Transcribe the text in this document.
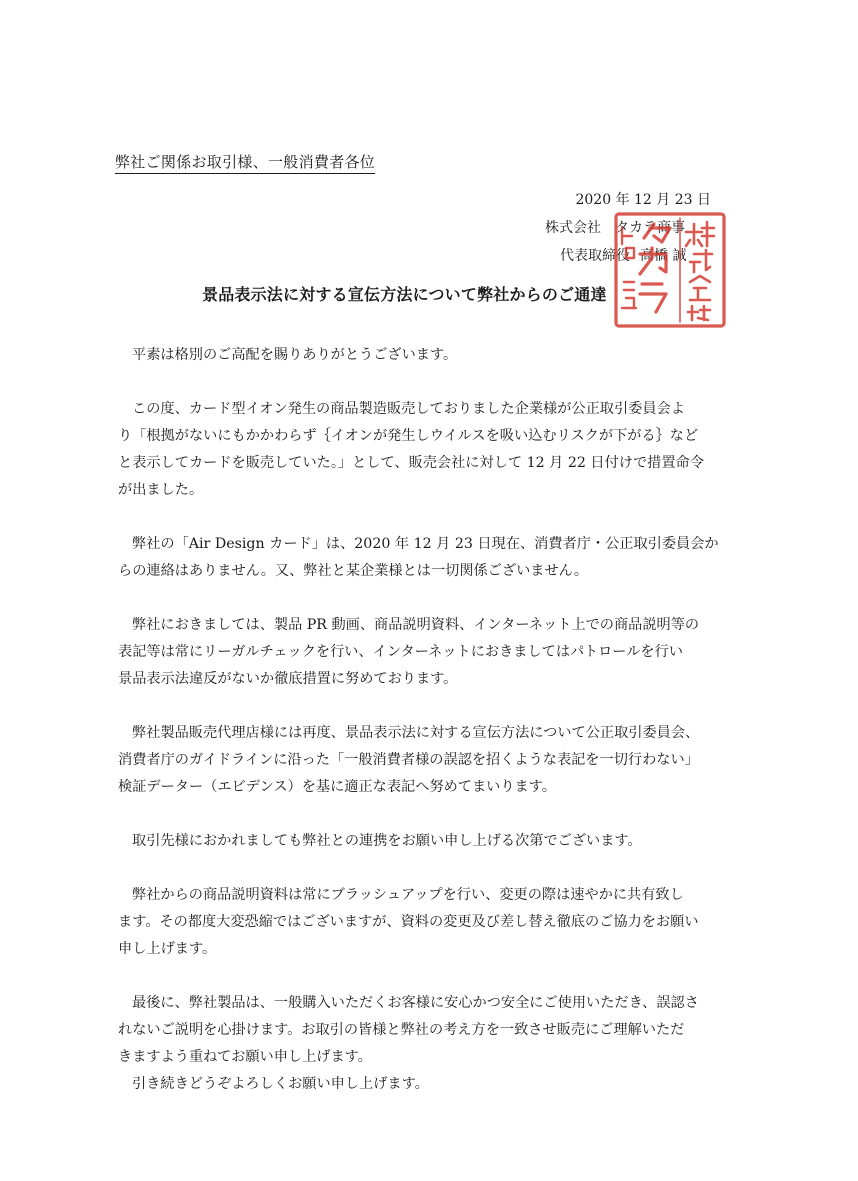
弊社ご関係お取引様、一般消費者各位
2020 年 12 月 23 日
株式会社 タカラ商事
代表取締役 高橋 誠
景品表示法に対する宣伝方法について弊社からのご通達
平素は格別のご高配を賜りありがとうございます。
この度、カード型イオン発生の商品製造販売しておりました企業様が公正取引委員会よ
り「根拠がないにもかかわらず｛イオンが発生しウイルスを吸い込むリスクが下がる｝など
と表示してカードを販売していた。」として、販売会社に対して 12 月 22 日付けで措置命令
が出ました。
弊社の「Air Design カード」は、2020 年 12 月 23 日現在、消費者庁・公正取引委員会か
らの連絡はありません。又、弊社と某企業様とは一切関係ございません。
弊社におきましては、製品 PR 動画、商品説明資料、インターネット上での商品説明等の
表記等は常にリーガルチェックを行い、インターネットにおきましてはパトロールを行い
景品表示法違反がないか徹底措置に努めております。
弊社製品販売代理店様には再度、景品表示法に対する宣伝方法について公正取引委員会、
消費者庁のガイドラインに沿った「一般消費者様の誤認を招くような表記を一切行わない」
検証データー（エビデンス）を基に適正な表記へ努めてまいります。
取引先様におかれましても弊社との連携をお願い申し上げる次第でございます。
弊社からの商品説明資料は常にブラッシュアップを行い、変更の際は速やかに共有致し
ます。その都度大変恐縮ではございますが、資料の変更及び差し替え徹底のご協力をお願い
申し上げます。
最後に、弊社製品は、一般購入いただくお客様に安心かつ安全にご使用いただき、誤認さ
れないご説明を心掛けます。お取引の皆様と弊社の考え方を一致させ販売にご理解いただ
きますよう重ねてお願い申し上げます。
引き続きどうぞよろしくお願い申し上げます。
